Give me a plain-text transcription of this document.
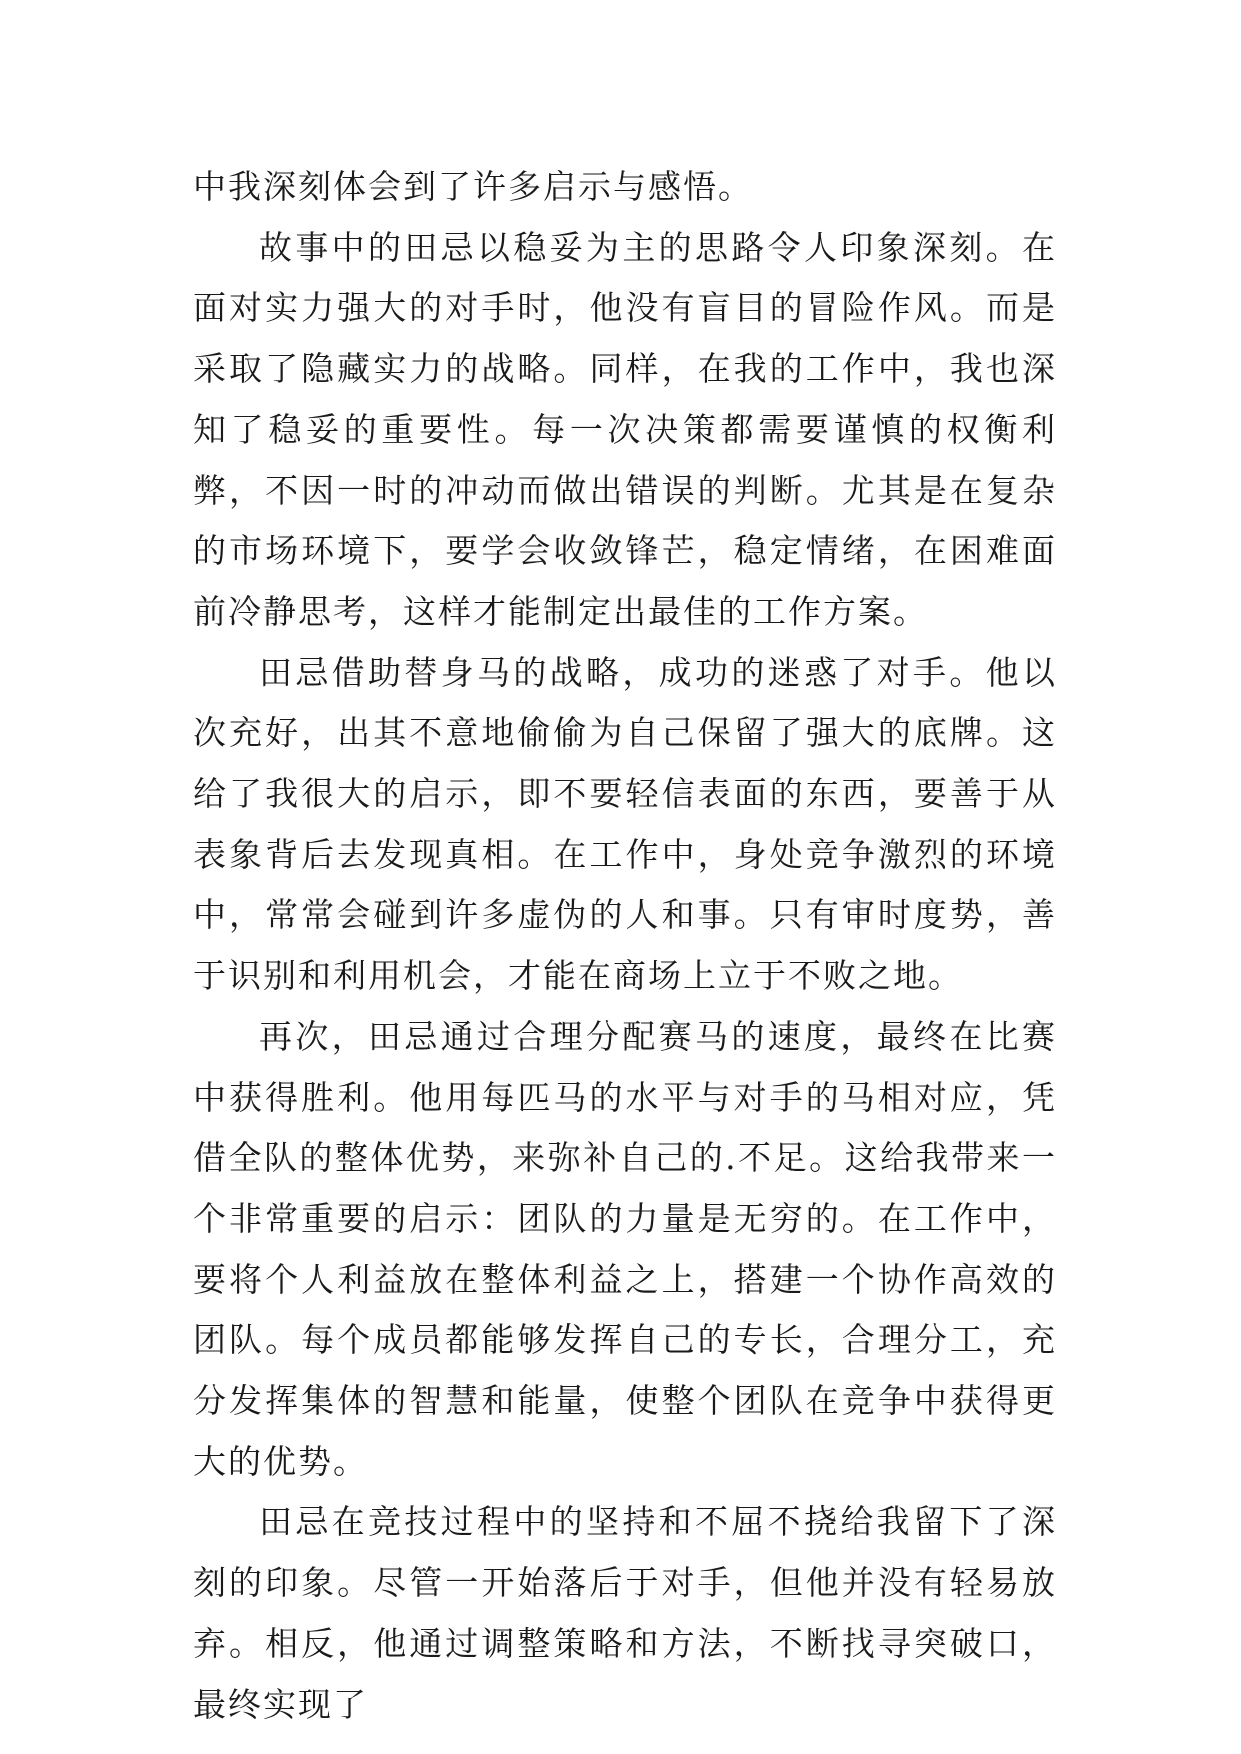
中我深刻体会到了许多启示与感悟。

故事中的田忌以稳妥为主的思路令人印象深刻。在面对实力强大的对手时，他没有盲目的冒险作风。而是采取了隐藏实力的战略。同样，在我的工作中，我也深知了稳妥的重要性。每一次决策都需要谨慎的权衡利弊，不因一时的冲动而做出错误的判断。尤其是在复杂的市场环境下，要学会收敛锋芒，稳定情绪，在困难面前冷静思考，这样才能制定出最佳的工作方案。

田忌借助替身马的战略，成功的迷惑了对手。他以次充好，出其不意地偷偷为自己保留了强大的底牌。这给了我很大的启示，即不要轻信表面的东西，要善于从表象背后去发现真相。在工作中，身处竞争激烈的环境中，常常会碰到许多虚伪的人和事。只有审时度势，善于识别和利用机会，才能在商场上立于不败之地。

再次，田忌通过合理分配赛马的速度，最终在比赛中获得胜利。他用每匹马的水平与对手的马相对应，凭借全队的整体优势，来弥补自己的.不足。这给我带来一个非常重要的启示：团队的力量是无穷的。在工作中，要将个人利益放在整体利益之上，搭建一个协作高效的团队。每个成员都能够发挥自己的专长，合理分工，充分发挥集体的智慧和能量，使整个团队在竞争中获得更大的优势。

田忌在竞技过程中的坚持和不屈不挠给我留下了深刻的印象。尽管一开始落后于对手，但他并没有轻易放弃。相反，他通过调整策略和方法，不断找寻突破口，最终实现了
